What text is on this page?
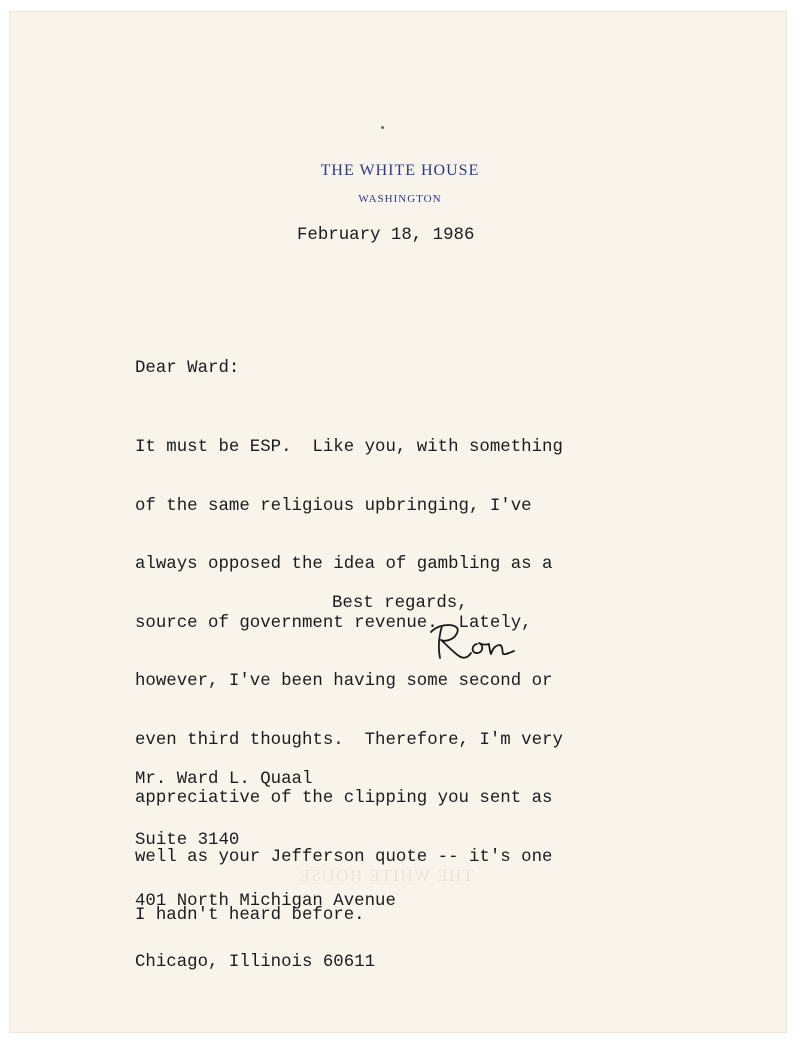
THE WHITE HOUSE
THE WHITE HOUSE
WASHINGTON
February 18, 1986
Dear Ward:

It must be ESP.  Like you, with something

of the same religious upbringing, I've

always opposed the idea of gambling as a

source of government revenue.  Lately,

however, I've been having some second or

even third thoughts.  Therefore, I'm very

appreciative of the clipping you sent as

well as your Jefferson quote -- it's one

I hadn't heard before.

Best regards,

Mr. Ward L. Quaal

Suite 3140

401 North Michigan Avenue

Chicago, Illinois 60611
